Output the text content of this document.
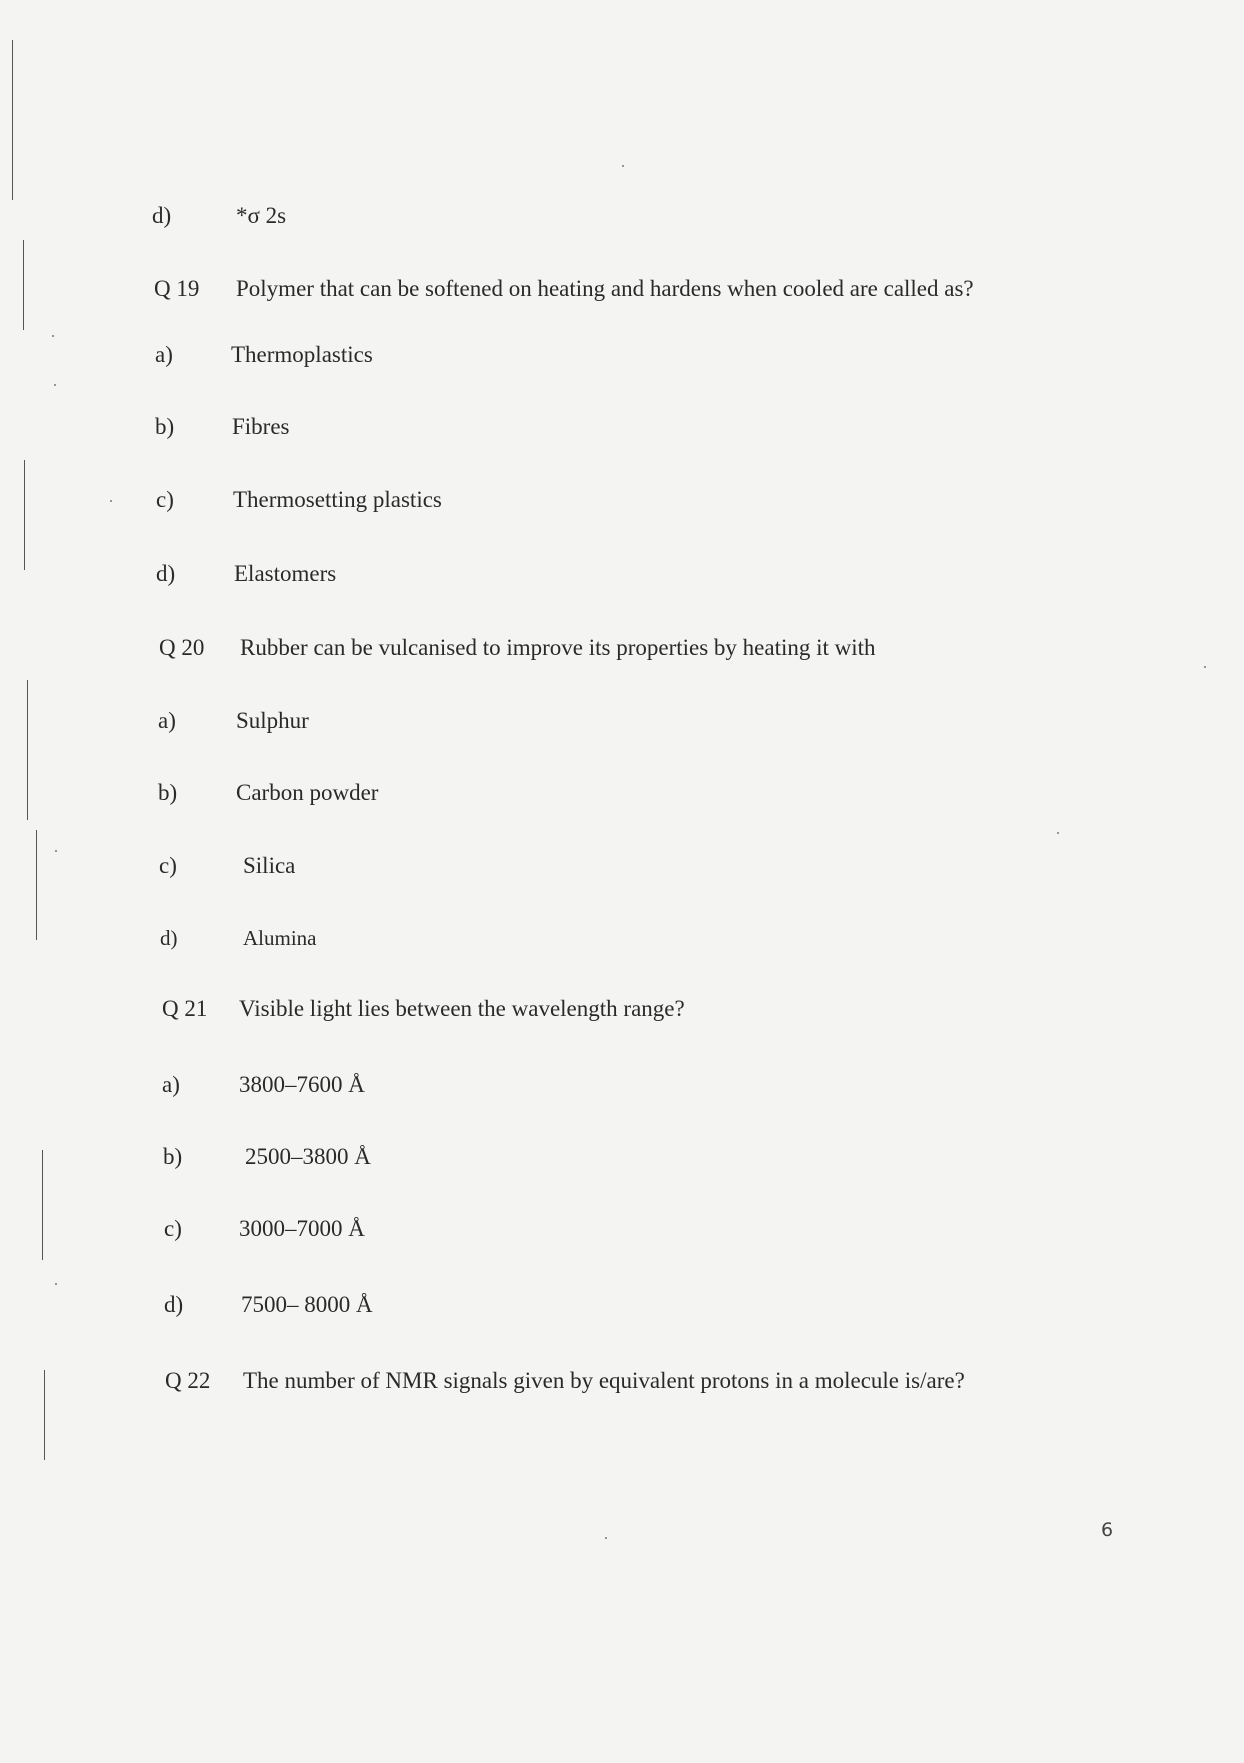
d)	*σ 2s
Q 19 Polymer that can be softened on heating and hardens when cooled are called as?
a)	Thermoplastics
b)	Fibres
c)	Thermosetting plastics
d)	Elastomers
Q 20 Rubber can be vulcanised to improve its properties by heating it with
a)	Sulphur
b)	Carbon powder
c)	Silica
d)	Alumina
Q 21 Visible light lies between the wavelength range?
a)	3800–7600 Å
b)	2500–3800 Å
c) 3000–7000 Å
d)	7500– 8000 Å
Q 22 The number of NMR signals given by equivalent protons in a molecule is/are?
6
